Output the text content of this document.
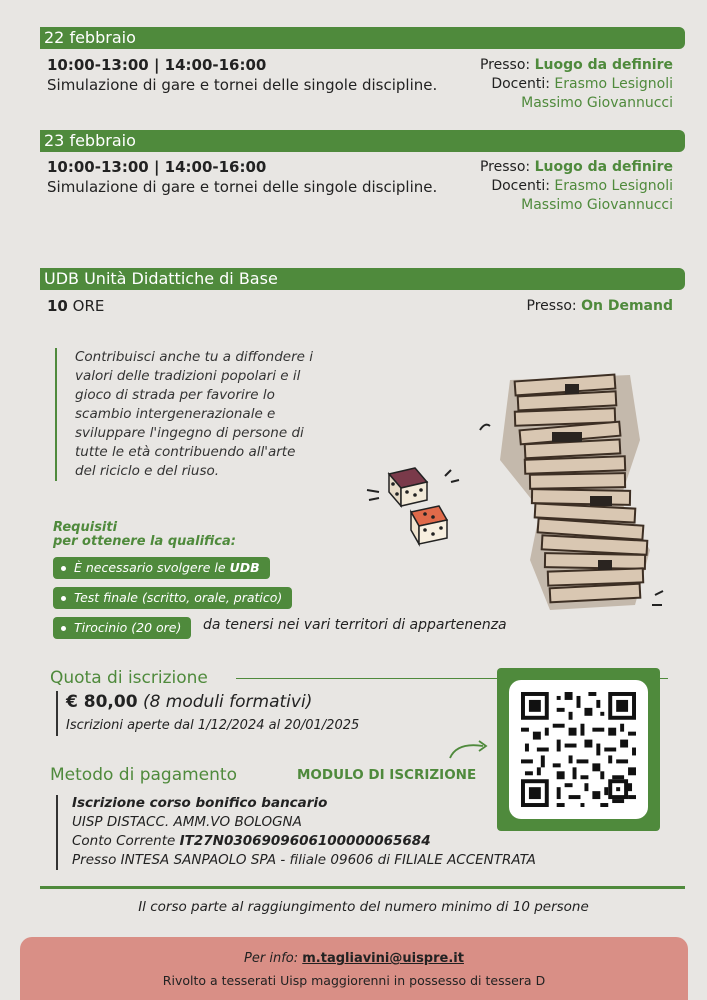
22 febbraio
10:00-13:00 | 14:00-16:00
Simulazione di gare e tornei delle singole discipline.
Presso: Luogo da definire
Docenti: Erasmo Lesignoli
Massimo Giovannucci
23 febbraio
10:00-13:00 | 14:00-16:00
Simulazione di gare e tornei delle singole discipline.
Presso: Luogo da definire
Docenti: Erasmo Lesignoli
Massimo Giovannucci
UDB Unità Didattiche di Base
10 ORE	Presso: On Demand
Contribuisci anche tu a diffondere i valori delle tradizioni popolari e il gioco di strada per favorire lo scambio intergenerazionale e sviluppare l'ingegno di persone di tutte le età contribuendo all'arte del riciclo e del riuso.
Requisiti
per ottenere la qualifica:
È necessario svolgere le UDB
Test finale (scritto, orale, pratico)
Tirocinio (20 ore)	da tenersi nei vari territori di appartenenza
Quota di iscrizione
€ 80,00 (8 moduli formativi)
Iscrizioni aperte dal 1/12/2024 al 20/01/2025
Metodo di pagamento	MODULO DI ISCRIZIONE
Iscrizione corso bonifico bancario
UISP DISTACC. AMM.VO BOLOGNA
Conto Corrente IT27N0306909606100000065684
Presso INTESA SANPAOLO SPA - filiale 09606 di FILIALE ACCENTRATA
Il corso parte al raggiungimento del numero minimo di 10 persone
Per info: m.tagliavini@uispre.it
Rivolto a tesserati Uisp maggiorenni in possesso di tessera D
